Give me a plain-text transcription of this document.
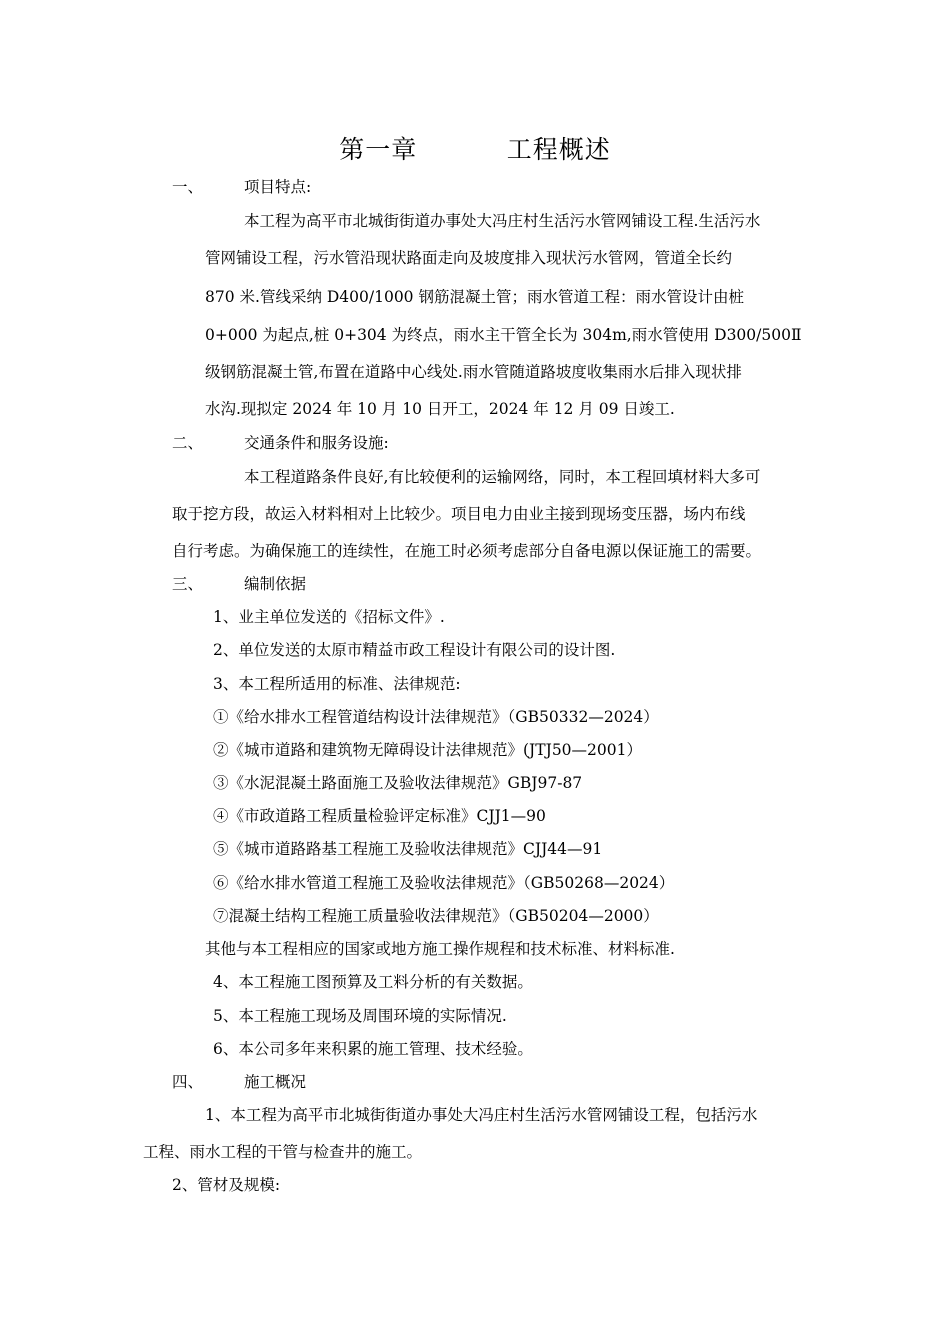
第一章          工程概述
一、	项目特点:
本工程为高平市北城街街道办事处大冯庄村生活污水管网铺设工程.生活污水
管网铺设工程，污水管沿现状路面走向及坡度排入现状污水管网，管道全长约
870 米.管线采纳 D400/1000 钢筋混凝土管；雨水管道工程：雨水管设计由桩
0+000 为起点,桩 0+304 为终点，雨水主干管全长为 304m,雨水管使用 D300/500Ⅱ
级钢筋混凝土管,布置在道路中心线处.雨水管随道路坡度收集雨水后排入现状排
水沟.现拟定 2024 年 10 月 10 日开工，2024 年 12 月 09 日竣工.
二、	交通条件和服务设施:
本工程道路条件良好,有比较便利的运输网络，同时，本工程回填材料大多可
取于挖方段，故运入材料相对上比较少。项目电力由业主接到现场变压器，场内布线
自行考虑。为确保施工的连续性，在施工时必须考虑部分自备电源以保证施工的需要。
三、	编制依据
1、业主单位发送的《招标文件》.
2、单位发送的太原市精益市政工程设计有限公司的设计图.
3、本工程所适用的标准、法律规范:
①《给水排水工程管道结构设计法律规范》（GB50332—2024）
②《城市道路和建筑物无障碍设计法律规范》(JTJ50—2001）
③《水泥混凝土路面施工及验收法律规范》GBJ97-87
④《市政道路工程质量检验评定标准》CJJ1—90
⑤《城市道路路基工程施工及验收法律规范》CJJ44—91
⑥《给水排水管道工程施工及验收法律规范》（GB50268—2024）
⑦混凝土结构工程施工质量验收法律规范》（GB50204—2000）
其他与本工程相应的国家或地方施工操作规程和技术标准、材料标准.
4、本工程施工图预算及工料分析的有关数据。
5、本工程施工现场及周围环境的实际情况.
6、本公司多年来积累的施工管理、技术经验。
四、	施工概况
1、本工程为高平市北城街街道办事处大冯庄村生活污水管网铺设工程，包括污水
工程、雨水工程的干管与检查井的施工。
2、管材及规模:
